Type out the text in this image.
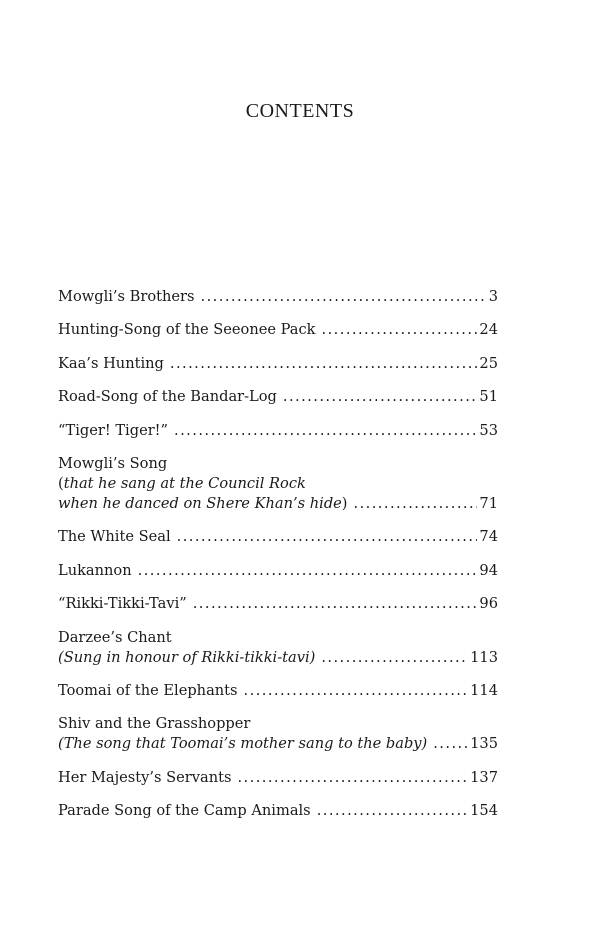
CONTENTS
Mowgli’s Brothers . . .	3
Hunting-Song of the Seeonee Pack . . .	24
Kaa’s Hunting . . .	25
Road-Song of the Bandar-Log . . .	51
“Tiger! Tiger!” . . .	53
Mowgli’s Song
(that he sang at the Council Rock
when he danced on Shere Khan’s hide) . . .	71
The White Seal . . .	74
Lukannon . . .	94
“Rikki-Tikki-Tavi” . . .	96
Darzee’s Chant
(Sung in honour of Rikki-tikki-tavi) . . .	113
Toomai of the Elephants . . .	114
Shiv and the Grasshopper
(The song that Toomai’s mother sang to the baby) . . .	135
Her Majesty’s Servants . . .	137
Parade Song of the Camp Animals . . .	154
